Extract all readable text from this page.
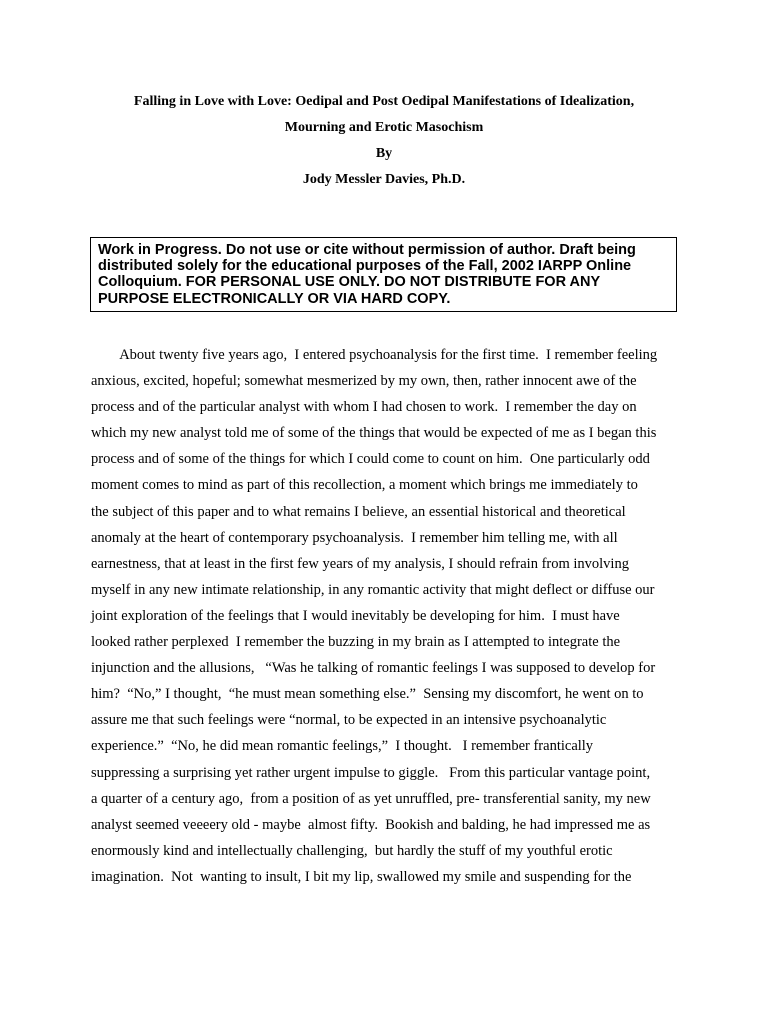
Falling in Love with Love: Oedipal and Post Oedipal Manifestations of Idealization,
Mourning and Erotic Masochism
By
Jody Messler Davies, Ph.D.
Work in Progress. Do not use or cite without permission of author. Draft being
distributed solely for the educational purposes of the Fall, 2002 IARPP Online
Colloquium. FOR PERSONAL USE ONLY. DO NOT DISTRIBUTE FOR ANY
PURPOSE ELECTRONICALLY OR VIA HARD COPY.
About twenty five years ago,  I entered psychoanalysis for the first time.  I remember feeling
anxious, excited, hopeful; somewhat mesmerized by my own, then, rather innocent awe of the
process and of the particular analyst with whom I had chosen to work.  I remember the day on
which my new analyst told me of some of the things that would be expected of me as I began this
process and of some of the things for which I could come to count on him.  One particularly odd
moment comes to mind as part of this recollection, a moment which brings me immediately to
the subject of this paper and to what remains I believe, an essential historical and theoretical
anomaly at the heart of contemporary psychoanalysis.  I remember him telling me, with all
earnestness, that at least in the first few years of my analysis, I should refrain from involving
myself in any new intimate relationship, in any romantic activity that might deflect or diffuse our
joint exploration of the feelings that I would inevitably be developing for him.  I must have
looked rather perplexed  I remember the buzzing in my brain as I attempted to integrate the
injunction and the allusions,   “Was he talking of romantic feelings I was supposed to develop for
him?  “No,” I thought,  “he must mean something else.”  Sensing my discomfort, he went on to
assure me that such feelings were “normal, to be expected in an intensive psychoanalytic
experience.”  “No, he did mean romantic feelings,”  I thought.   I remember frantically
suppressing a surprising yet rather urgent impulse to giggle.   From this particular vantage point,
a quarter of a century ago,  from a position of as yet unruffled, pre- transferential sanity, my new
analyst seemed veeeery old - maybe  almost fifty.  Bookish and balding, he had impressed me as
enormously kind and intellectually challenging,  but hardly the stuff of my youthful erotic
imagination.  Not  wanting to insult, I bit my lip, swallowed my smile and suspending for the
